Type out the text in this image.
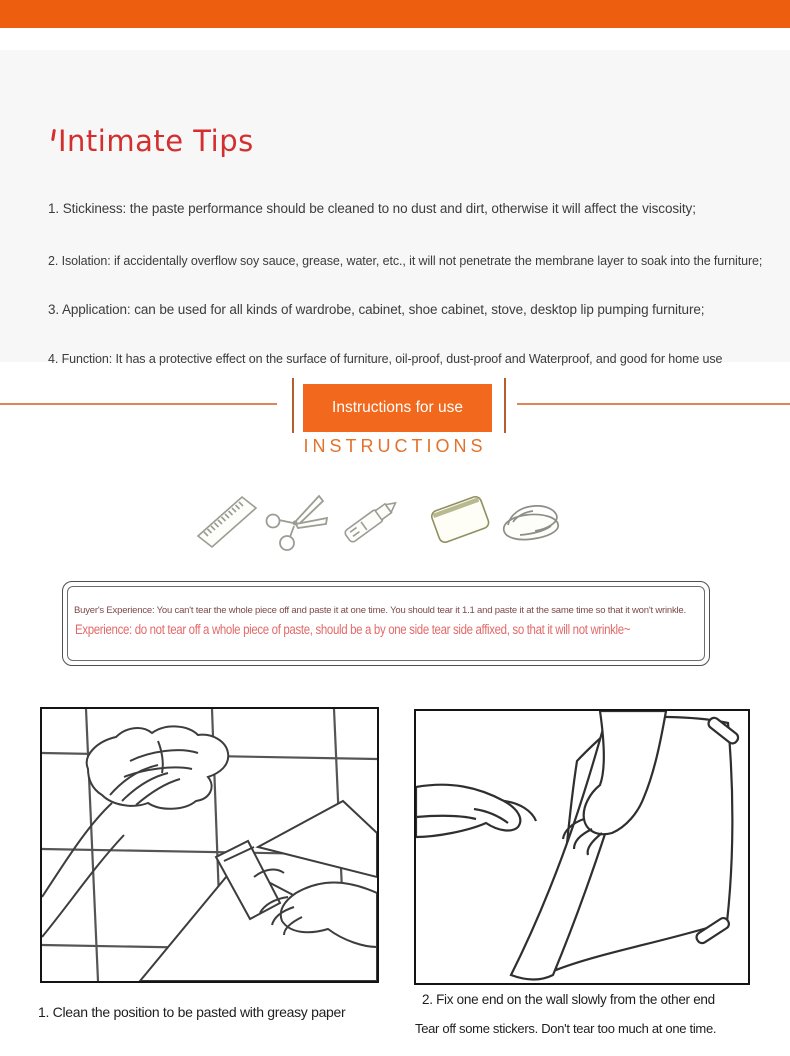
Intimate Tips
1. Stickiness: the paste performance should be cleaned to no dust and dirt, otherwise it will affect the viscosity;
2. Isolation: if accidentally overflow soy sauce, grease, water, etc., it will not penetrate the membrane layer to soak into the furniture;
3. Application: can be used for all kinds of wardrobe, cabinet, shoe cabinet, stove, desktop lip pumping furniture;
4. Function: It has a protective effect on the surface of furniture, oil-proof, dust-proof and Waterproof, and good for home use
Instructions for use
INSTRUCTIONS
Buyer's Experience: You can't tear the whole piece off and paste it at one time. You should tear it 1.1 and paste it at the same time so that it won't wrinkle.
Experience: do not tear off a whole piece of paste, should be a by one side tear side affixed, so that it will not wrinkle~
1. Clean the position to be pasted with greasy paper
2. Fix one end on the wall slowly from the other end
Tear off some stickers. Don't tear too much at one time.
